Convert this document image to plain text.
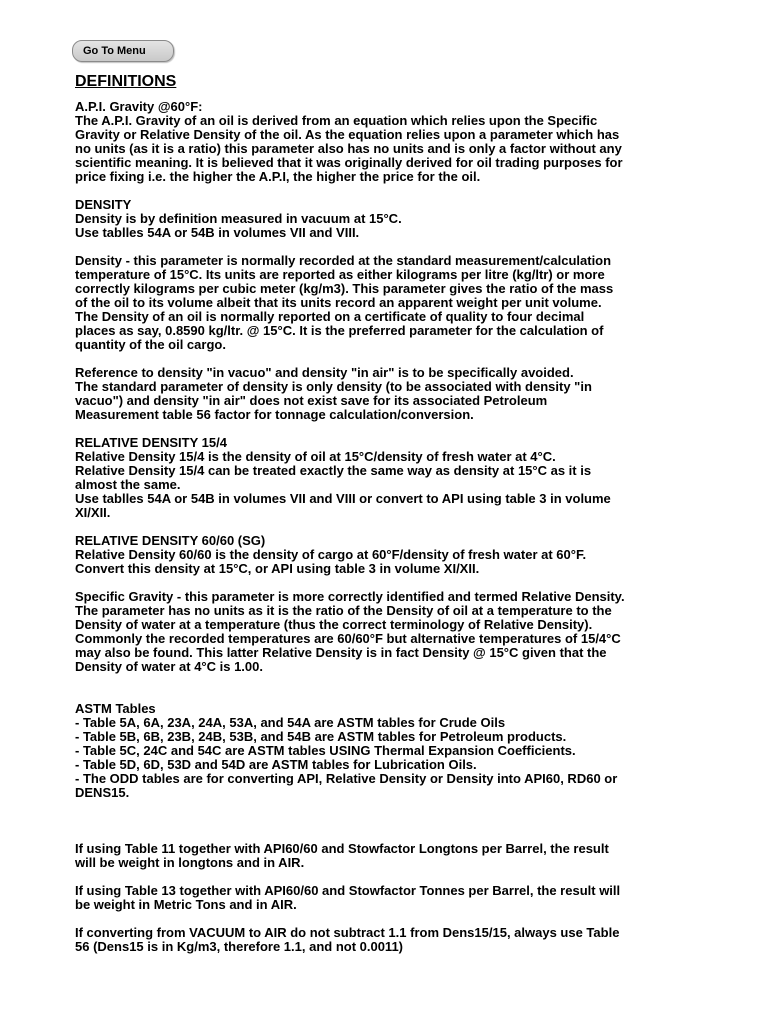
Go To Menu
DEFINITIONS

A.P.I. Gravity @60°F:

The A.P.I. Gravity of an oil is derived from an equation which relies upon the Specific

Gravity or Relative Density of the oil. As the equation relies upon a parameter which has

no units (as it is a ratio) this parameter also has no units and is only a factor without any

scientific meaning. It is believed that it was originally derived for oil trading purposes for

price fixing i.e. the higher the A.P.I, the higher the price for the oil.

DENSITY

Density is by definition measured in vacuum at 15°C.

Use tablles 54A or 54B in volumes VII and VIII.

Density - this parameter is normally recorded at the standard measurement/calculation

temperature of 15°C. Its units are reported as either kilograms per litre (kg/ltr) or more

correctly kilograms per cubic meter (kg/m3). This parameter gives the ratio of the mass

of the oil to its volume albeit that its units record an apparent weight per unit volume.

The Density of an oil is normally reported on a certificate of quality to four decimal

places as say, 0.8590 kg/ltr. @ 15°C. It is the preferred parameter for the calculation of

quantity of the oil cargo.

Reference to density "in vacuo" and density "in air" is to be specifically avoided.

The standard parameter of density is only density (to be associated with density "in

vacuo") and density "in air" does not exist save for its associated Petroleum

Measurement table 56 factor for tonnage calculation/conversion.

RELATIVE DENSITY 15/4

Relative Density 15/4 is the density of oil at 15°C/density of fresh water at 4°C.

Relative Density 15/4 can be treated exactly the same way as density at 15°C as it is

almost the same.

Use tablles 54A or 54B in volumes VII and VIII or convert to API using table 3 in volume

XI/XII.

RELATIVE DENSITY 60/60 (SG)

Relative Density 60/60 is the density of cargo at 60°F/density of fresh water at 60°F.

Convert this density at 15°C, or API using table 3 in volume XI/XII.

Specific Gravity - this parameter is more correctly identified and termed Relative Density.

The parameter has no units as it is the ratio of the Density of oil at a temperature to the

Density of water at a temperature (thus the correct terminology of Relative Density).

Commonly the recorded temperatures are 60/60°F but alternative temperatures of 15/4°C

may also be found. This latter Relative Density is in fact Density @ 15°C given that the

Density of water at 4°C is 1.00.

ASTM Tables

- Table 5A, 6A, 23A, 24A, 53A, and 54A are ASTM tables for Crude Oils

- Table 5B, 6B, 23B, 24B, 53B, and 54B are ASTM tables for Petroleum products.

- Table 5C, 24C and 54C are ASTM tables USING Thermal Expansion Coefficients.

- Table 5D, 6D, 53D and 54D are ASTM tables for Lubrication Oils.

- The ODD tables are for converting API, Relative Density or Density into API60, RD60 or

DENS15.

If using Table 11 together with API60/60 and Stowfactor Longtons per Barrel, the result

will be weight in longtons and in AIR.

If using Table 13 together with API60/60 and Stowfactor Tonnes per Barrel, the result will

be weight in Metric Tons and in AIR.

If converting from VACUUM to AIR do not subtract 1.1 from Dens15/15, always use Table

56 (Dens15 is in Kg/m3, therefore 1.1, and not 0.0011)
